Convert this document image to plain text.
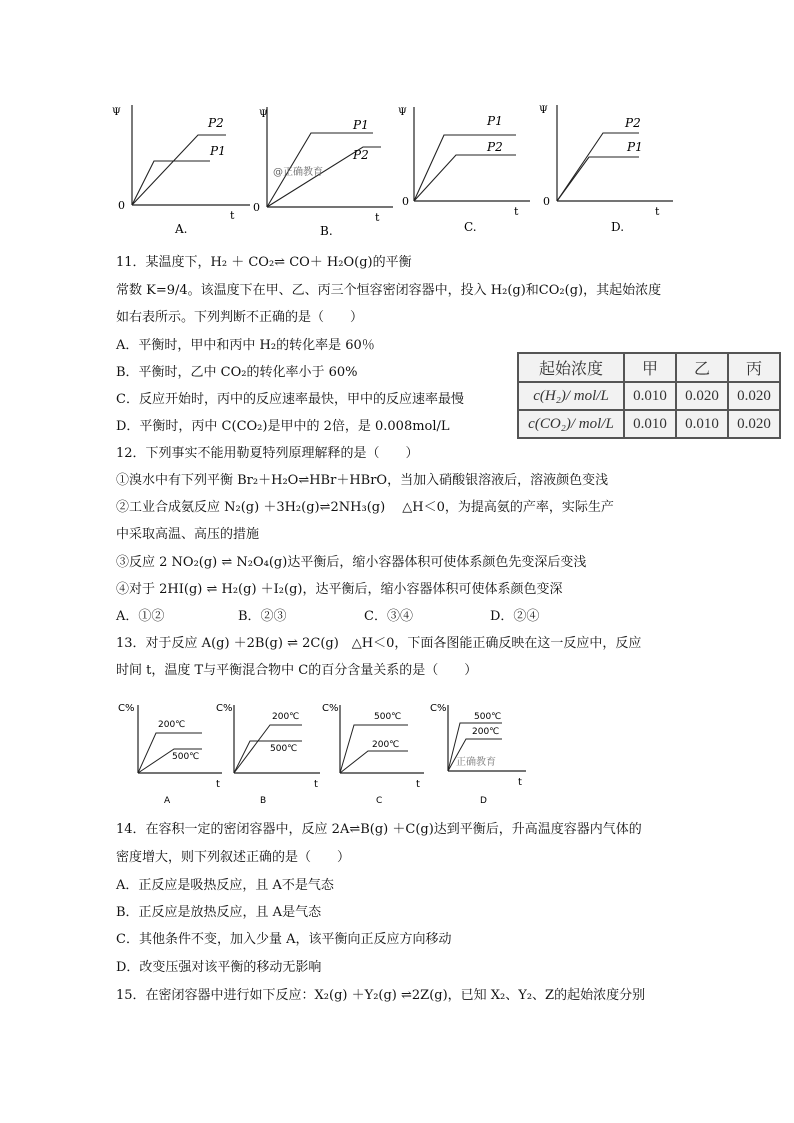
Ψ
0
t
P2
P1
A.
Ψ
0
t
P1
P2
@正确教育
B.
Ψ
0
t
P1
P2
C.
Ψ
0
t
P2
P1
D.
11．某温度下，H₂ ＋ CO₂⇌ CO＋ H₂O(g)的平衡
常数 K=9/4。该温度下在甲、乙、丙三个恒容密闭容器中，投入 H₂(g)和CO₂(g)，其起始浓度
如右表所示。下列判断不正确的是（　　）
A．平衡时，甲中和丙中 H₂的转化率是 60％
B．平衡时，乙中 CO₂的转化率小于 60%
C．反应开始时，丙中的反应速率最快，甲中的反应速率最慢
D．平衡时，丙中 C(CO₂)是甲中的 2倍，是 0.008mol/L
起始浓度	甲	乙	丙
c(H₂)/ mol/L	0.010	0.020	0.020
c(CO₂)/ mol/L	0.010	0.010	0.020
12．下列事实不能用勒夏特列原理解释的是（　　）
①溴水中有下列平衡 Br₂＋H₂O⇌HBr＋HBrO，当加入硝酸银溶液后，溶液颜色变浅
②工业合成氨反应 N₂(g) ＋3H₂(g)⇌2NH₃(g)　 △H＜0，为提高氨的产率，实际生产
中采取高温、高压的措施
③反应 2 NO₂(g) ⇌ N₂O₄(g)达平衡后，缩小容器体积可使体系颜色先变深后变浅
④对于 2HI(g) ⇌ H₂(g) ＋I₂(g)，达平衡后，缩小容器体积可使体系颜色变深
A．①②	B．②③	C．③④	D．②④
13．对于反应 A(g) ＋2B(g) ⇌ 2C(g)　△H＜0，下面各图能正确反映在这一反应中，反应
时间 t，温度 T与平衡混合物中 C的百分含量关系的是（　　）
C%
t
200℃
500℃
A
C%
t
200℃
500℃
B
C%
t
500℃
200℃
C
C%
t
500℃
200℃
正确教育
D
14．在容积一定的密闭容器中，反应 2A⇌B(g) ＋C(g)达到平衡后，升高温度容器内气体的
密度增大，则下列叙述正确的是（　　）
A．正反应是吸热反应，且 A不是气态
B．正反应是放热反应，且 A是气态
C．其他条件不变，加入少量 A，该平衡向正反应方向移动
D．改变压强对该平衡的移动无影响
15．在密闭容器中进行如下反应：X₂(g) ＋Y₂(g) ⇌2Z(g)，已知 X₂、Y₂、Z的起始浓度分别
